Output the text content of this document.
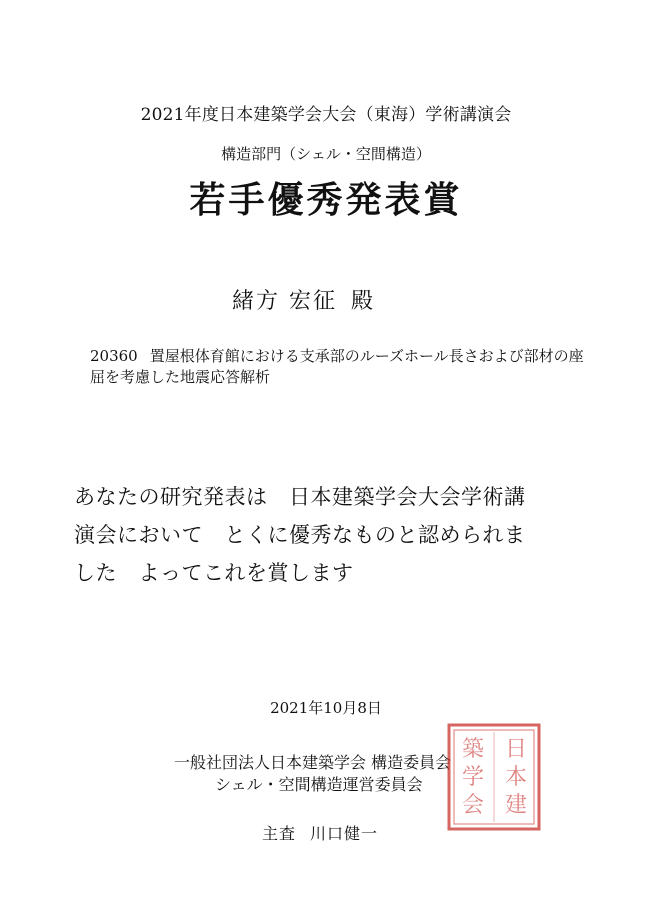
2021年度日本建築学会大会（東海）学術講演会
構造部門（シェル・空間構造）
若手優秀発表賞
緒方 宏征 殿
20360 置屋根体育館における支承部のルーズホール長さおよび部材の座屈を考慮した地震応答解析
あなたの研究発表は　日本建築学会大会学術講
演会において　とくに優秀なものと認められま
した　よってこれを賞します
2021年10月8日
一般社団法人日本建築学会 構造委員会
シェル・空間構造運営委員会
主査 川口健一
日
本
建
築
学
会
